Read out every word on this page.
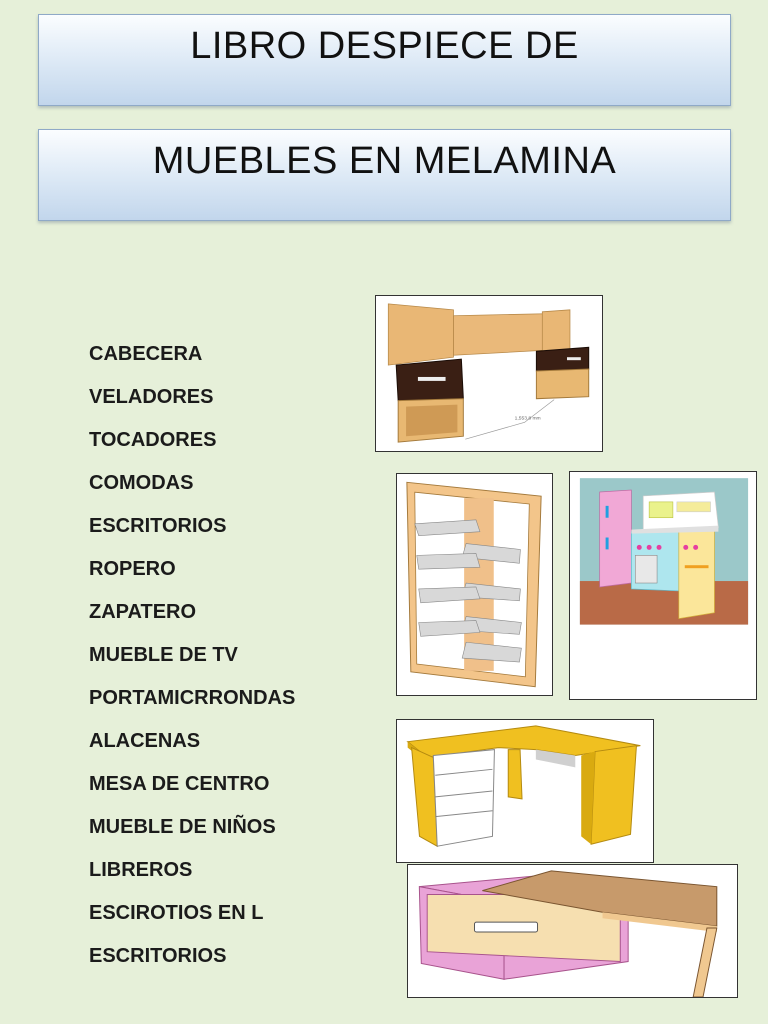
LIBRO DESPIECE DE
MUEBLES EN MELAMINA
CABECERA
VELADORES
TOCADORES
COMODAS
ESCRITORIOS
ROPERO
ZAPATERO
MUEBLE DE TV
PORTAMICRRONDAS
ALACENAS
MESA DE CENTRO
MUEBLE DE NIÑOS
LIBREROS
ESCIROTIOS EN L
ESCRITORIOS
1,553.8 mm
